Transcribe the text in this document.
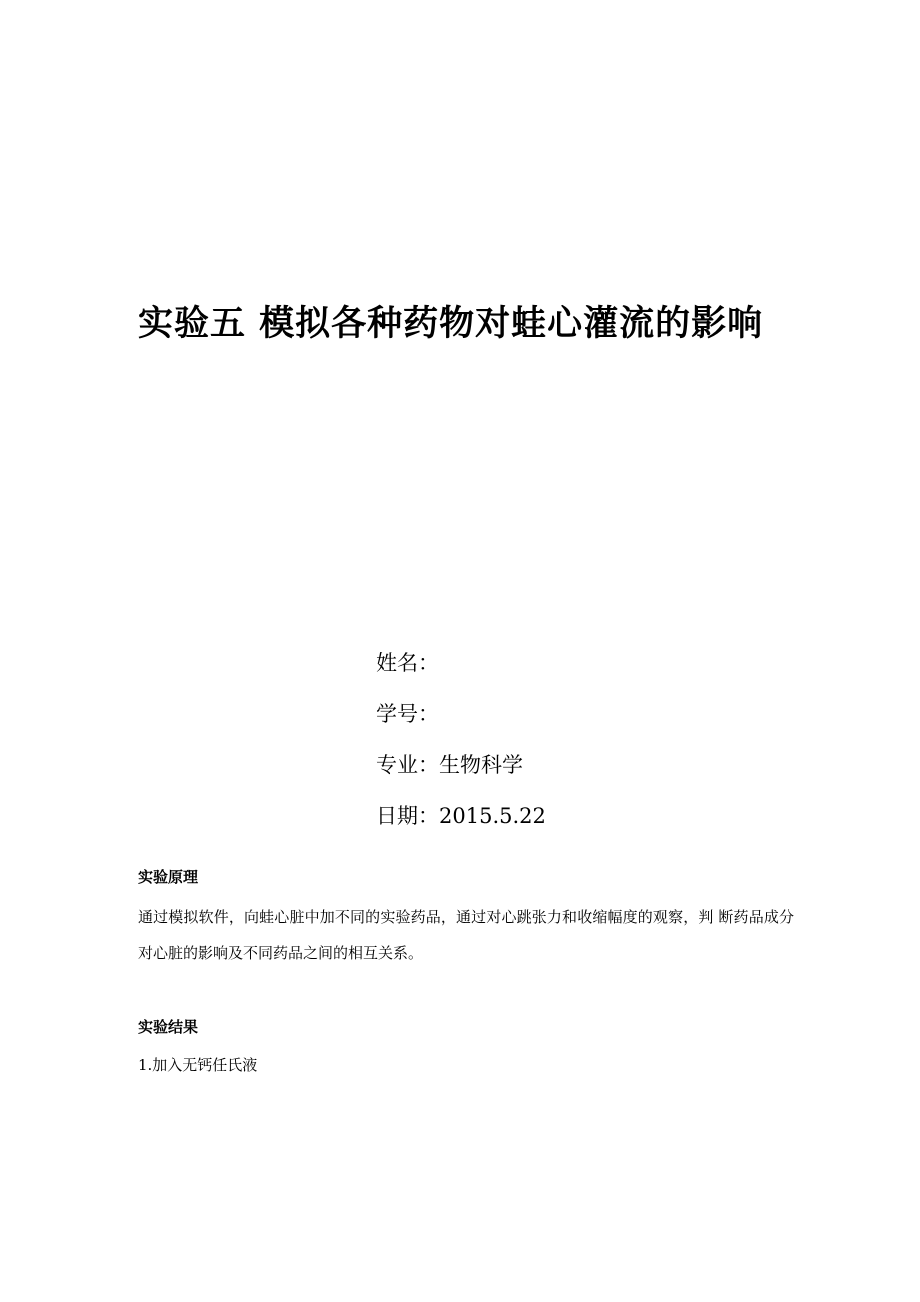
实验五 模拟各种药物对蛙心灌流的影响
姓名：
学号：
专业：生物科学
日期：2015.5.22
实验原理

通过模拟软件，向蛙心脏中加不同的实验药品，通过对心跳张力和收缩幅度的观察，判 断药品成分对心脏的影响及不同药品之间的相互关系。

实验结果
1.加入无钙任氏液
